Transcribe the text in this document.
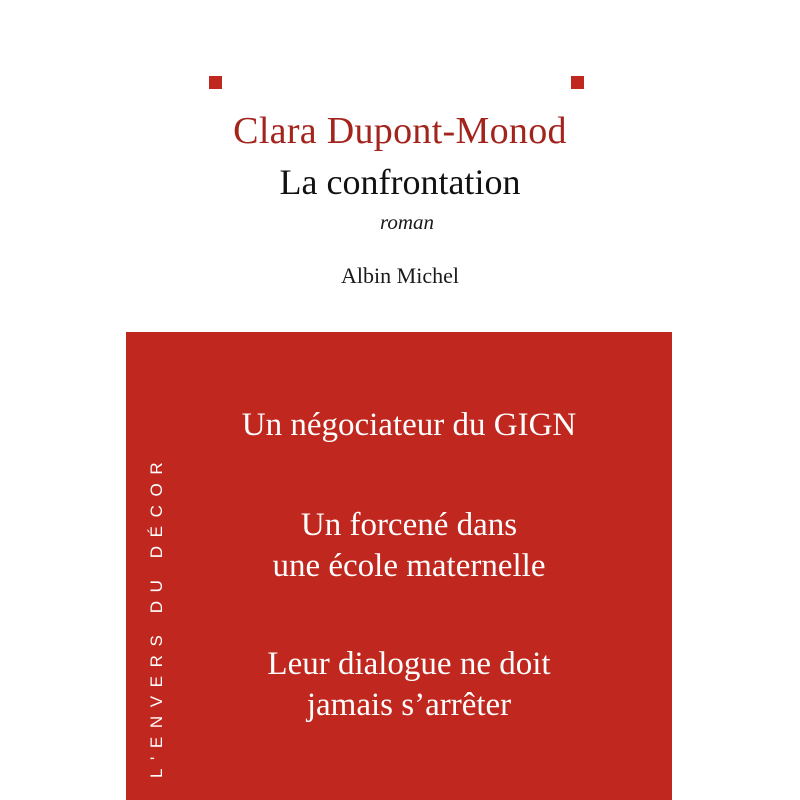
Clara Dupont-Monod
La confrontation
roman
Albin Michel
L'ENVERS DU DÉCOR
Un négociateur du GIGN
Un forcené dans
une école maternelle
Leur dialogue ne doit
jamais s’arrêter
